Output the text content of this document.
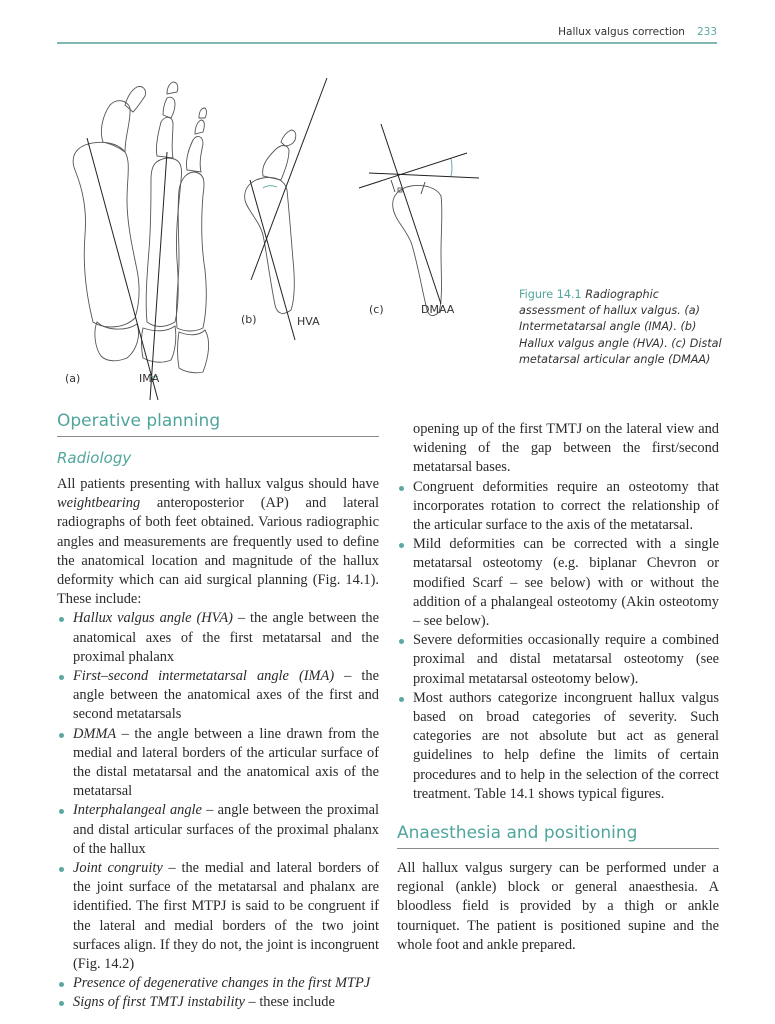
Hallux valgus correction 233
(a)	IMA
(b)	HVA
(c)	DMAA
Figure 14.1 Radiographic assessment of hallux valgus. (a) Intermetatarsal angle (IMA). (b) Hallux valgus angle (HVA). (c) Distal metatarsal articular angle (DMAA)
Operative planning
Radiology

All patients presenting with hallux valgus should have weightbearing anteroposterior (AP) and lateral radiographs of both feet obtained. Various radiographic angles and measurements are frequently used to define the anatomical location and magnitude of the hallux deformity which can aid surgical planning (Fig. 14.1). These include:

Hallux valgus angle (HVA) – the angle between the anatomical axes of the first metatarsal and the proximal phalanx
First–second intermetatarsal angle (IMA) – the angle between the anatomical axes of the first and second metatarsals
DMMA – the angle between a line drawn from the medial and lateral borders of the articular surface of the distal metatarsal and the anatomical axis of the metatarsal
Interphalangeal angle – angle between the proximal and distal articular surfaces of the proximal phalanx of the hallux
Joint congruity – the medial and lateral borders of the joint surface of the metatarsal and phalanx are identified. The first MTPJ is said to be congruent if the lateral and medial borders of the two joint surfaces align. If they do not, the joint is incongruent (Fig. 14.2)
Presence of degenerative changes in the first MTPJ
Signs of first TMTJ instability – these include

opening up of the first TMTJ on the lateral view and widening of the gap between the first/second metatarsal bases.

Congruent deformities require an osteotomy that incorporates rotation to correct the relationship of the articular surface to the axis of the metatarsal.
Mild deformities can be corrected with a single metatarsal osteotomy (e.g. biplanar Chevron or modified Scarf – see below) with or without the addition of a phalangeal osteotomy (Akin osteotomy – see below).
Severe deformities occasionally require a combined proximal and distal metatarsal osteotomy (see proximal metatarsal osteotomy below).
Most authors categorize incongruent hallux valgus based on broad categories of severity. Such categories are not absolute but act as general guidelines to help define the limits of certain procedures and to help in the selection of the correct treatment. Table 14.1 shows typical figures.
Anaesthesia and positioning

All hallux valgus surgery can be performed under a regional (ankle) block or general anaesthesia. A bloodless field is provided by a thigh or ankle tourniquet. The patient is positioned supine and the whole foot and ankle prepared.
